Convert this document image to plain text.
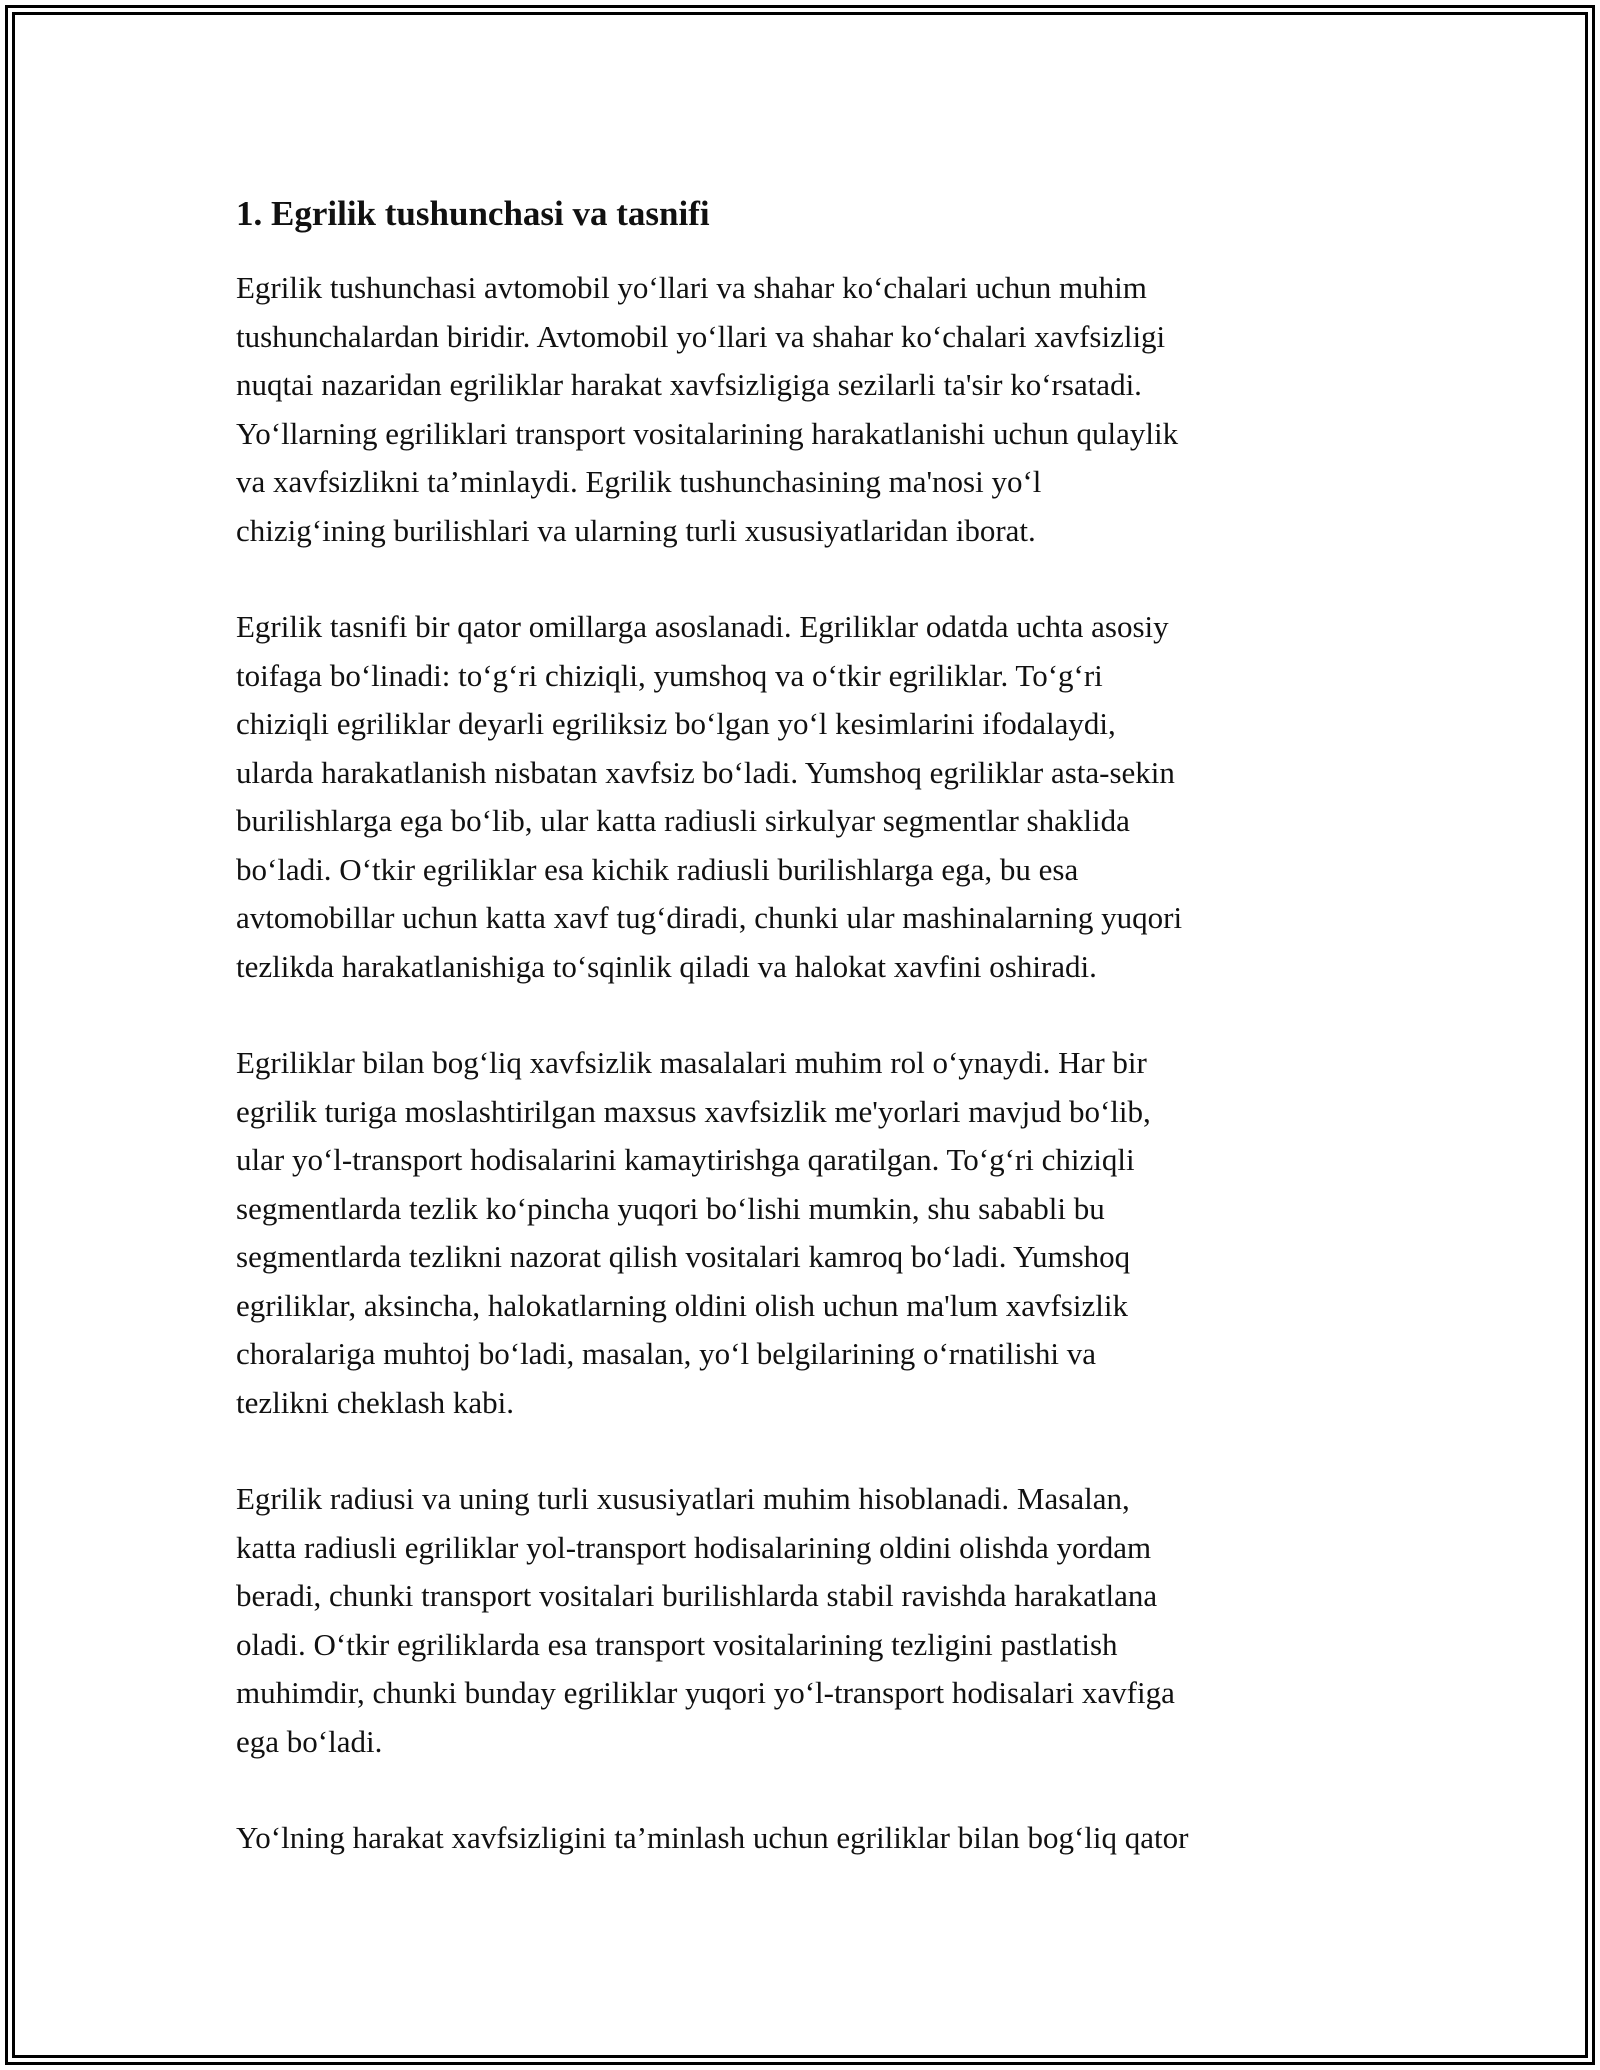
1. Egrilik tushunchasi va tasnifi

Egrilik tushunchasi avtomobil yo‘llari va shahar ko‘chalari uchun muhim
tushunchalardan biridir. Avtomobil yo‘llari va shahar ko‘chalari xavfsizligi
nuqtai nazaridan egriliklar harakat xavfsizligiga sezilarli ta'sir ko‘rsatadi.
Yo‘llarning egriliklari transport vositalarining harakatlanishi uchun qulaylik
va xavfsizlikni ta’minlaydi. Egrilik tushunchasining ma'nosi yo‘l
chizig‘ining burilishlari va ularning turli xususiyatlaridan iborat.

Egrilik tasnifi bir qator omillarga asoslanadi. Egriliklar odatda uchta asosiy
toifaga bo‘linadi: to‘g‘ri chiziqli, yumshoq va o‘tkir egriliklar. To‘g‘ri
chiziqli egriliklar deyarli egriliksiz bo‘lgan yo‘l kesimlarini ifodalaydi,
ularda harakatlanish nisbatan xavfsiz bo‘ladi. Yumshoq egriliklar asta-sekin
burilishlarga ega bo‘lib, ular katta radiusli sirkulyar segmentlar shaklida
bo‘ladi. O‘tkir egriliklar esa kichik radiusli burilishlarga ega, bu esa
avtomobillar uchun katta xavf tug‘diradi, chunki ular mashinalarning yuqori
tezlikda harakatlanishiga to‘sqinlik qiladi va halokat xavfini oshiradi.

Egriliklar bilan bog‘liq xavfsizlik masalalari muhim rol o‘ynaydi. Har bir
egrilik turiga moslashtirilgan maxsus xavfsizlik me'yorlari mavjud bo‘lib,
ular yo‘l-transport hodisalarini kamaytirishga qaratilgan. To‘g‘ri chiziqli
segmentlarda tezlik ko‘pincha yuqori bo‘lishi mumkin, shu sababli bu
segmentlarda tezlikni nazorat qilish vositalari kamroq bo‘ladi. Yumshoq
egriliklar, aksincha, halokatlarning oldini olish uchun ma'lum xavfsizlik
choralariga muhtoj bo‘ladi, masalan, yo‘l belgilarining o‘rnatilishi va
tezlikni cheklash kabi.

Egrilik radiusi va uning turli xususiyatlari muhim hisoblanadi. Masalan,
katta radiusli egriliklar yol-transport hodisalarining oldini olishda yordam
beradi, chunki transport vositalari burilishlarda stabil ravishda harakatlana
oladi. O‘tkir egriliklarda esa transport vositalarining tezligini pastlatish
muhimdir, chunki bunday egriliklar yuqori yo‘l-transport hodisalari xavfiga
ega bo‘ladi.

Yo‘lning harakat xavfsizligini ta’minlash uchun egriliklar bilan bog‘liq qator
